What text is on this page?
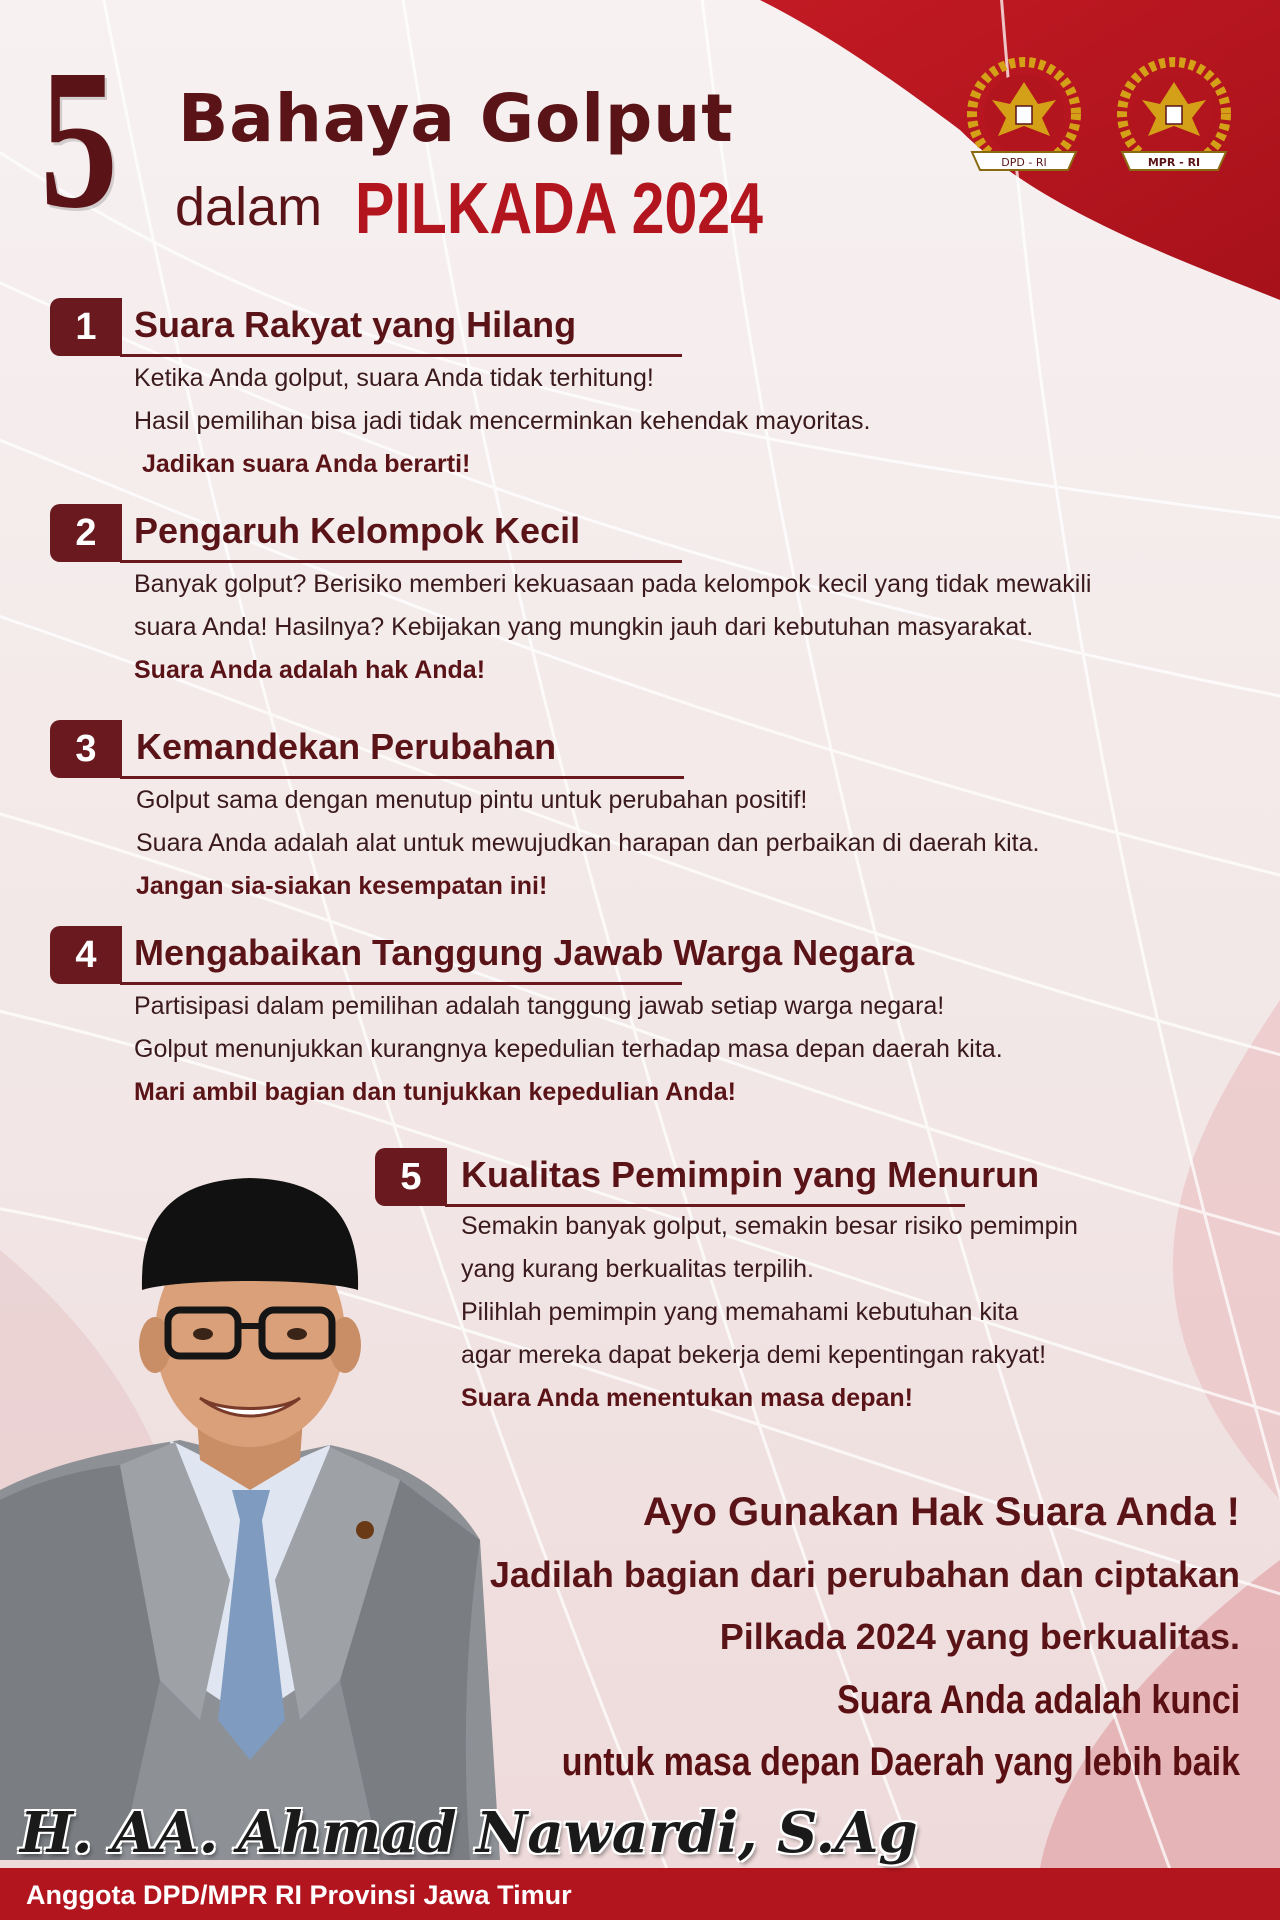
5 Bahaya Golput
dalam PILKADA 2024
DPD - RI	MPR - RI
1	Suara Rakyat yang Hilang
Ketika Anda golput, suara Anda tidak terhitung!
Hasil pemilihan bisa jadi tidak mencerminkan kehendak mayoritas.
Jadikan suara Anda berarti!
2	Pengaruh Kelompok Kecil
Banyak golput? Berisiko memberi kekuasaan pada kelompok kecil yang tidak mewakili
suara Anda! Hasilnya? Kebijakan yang mungkin jauh dari kebutuhan masyarakat.
Suara Anda adalah hak Anda!
3	Kemandekan Perubahan
Golput sama dengan menutup pintu untuk perubahan positif!
Suara Anda adalah alat untuk mewujudkan harapan dan perbaikan di daerah kita.
Jangan sia-siakan kesempatan ini!
4	Mengabaikan Tanggung Jawab Warga Negara
Partisipasi dalam pemilihan adalah tanggung jawab setiap warga negara!
Golput menunjukkan kurangnya kepedulian terhadap masa depan daerah kita.
Mari ambil bagian dan tunjukkan kepedulian Anda!
5	Kualitas Pemimpin yang Menurun
Semakin banyak golput, semakin besar risiko pemimpin
yang kurang berkualitas terpilih.
Pilihlah pemimpin yang memahami kebutuhan kita
agar mereka dapat bekerja demi kepentingan rakyat!
Suara Anda menentukan masa depan!
Ayo Gunakan Hak Suara Anda !
Jadilah bagian dari perubahan dan ciptakan
Pilkada 2024 yang berkualitas.
Suara Anda adalah kunci
untuk masa depan Daerah yang lebih baik
H. AA. Ahmad Nawardi, S.Ag
Anggota DPD/MPR RI Provinsi Jawa Timur
